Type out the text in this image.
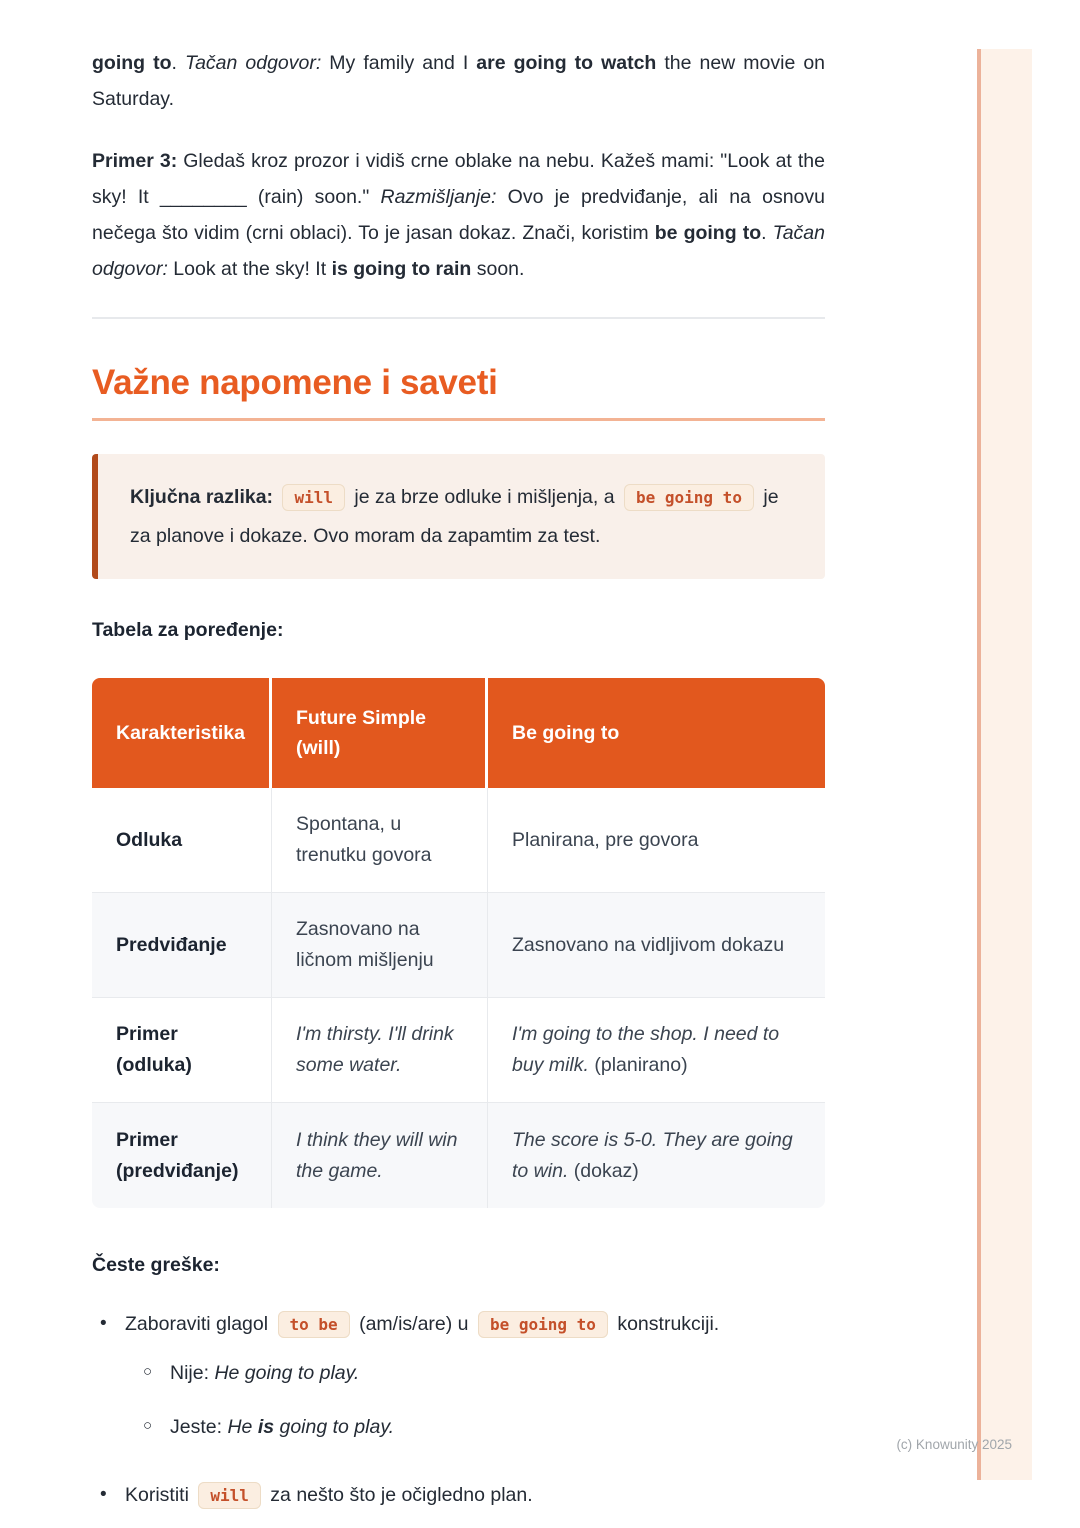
going to. Tačan odgovor: My family and I are going to watch the new movie on Saturday.

Primer 3: Gledaš kroz prozor i vidiš crne oblake na nebu. Kažeš mami: "Look at the sky! It ________ (rain) soon." Razmišljanje: Ovo je predviđanje, ali na osnovu nečega što vidim (crni oblaci). To je jasan dokaz. Znači, koristim be going to. Tačan odgovor: Look at the sky! It is going to rain soon.

Važne napomene i saveti
Ključna razlika: will je za brze odluke i mišljenja, a be going to je za planove i dokaze. Ovo moram da zapamtim za test.
Tabela za poređenje:
Karakteristika	Future Simple (will)	Be going to
Odluka	Spontana, u trenutku govora	Planirana, pre govora
Predviđanje	Zasnovano na ličnom mišljenju	Zasnovano na vidljivom dokazu
Primer (odluka)	I'm thirsty. I'll drink some water.	I'm going to the shop. I need to buy milk. (planirano)
Primer (predviđanje)	I think they will win the game.	The score is 5-0. They are going to win. (dokaz)
Česte greške:
• Zaboraviti glagol to be (am/is/are) u be going to konstrukciji.
○ Nije: He going to play.
○ Jeste: He is going to play.
• Koristiti will za nešto što je očigledno plan.
(c) Knowunity 2025
